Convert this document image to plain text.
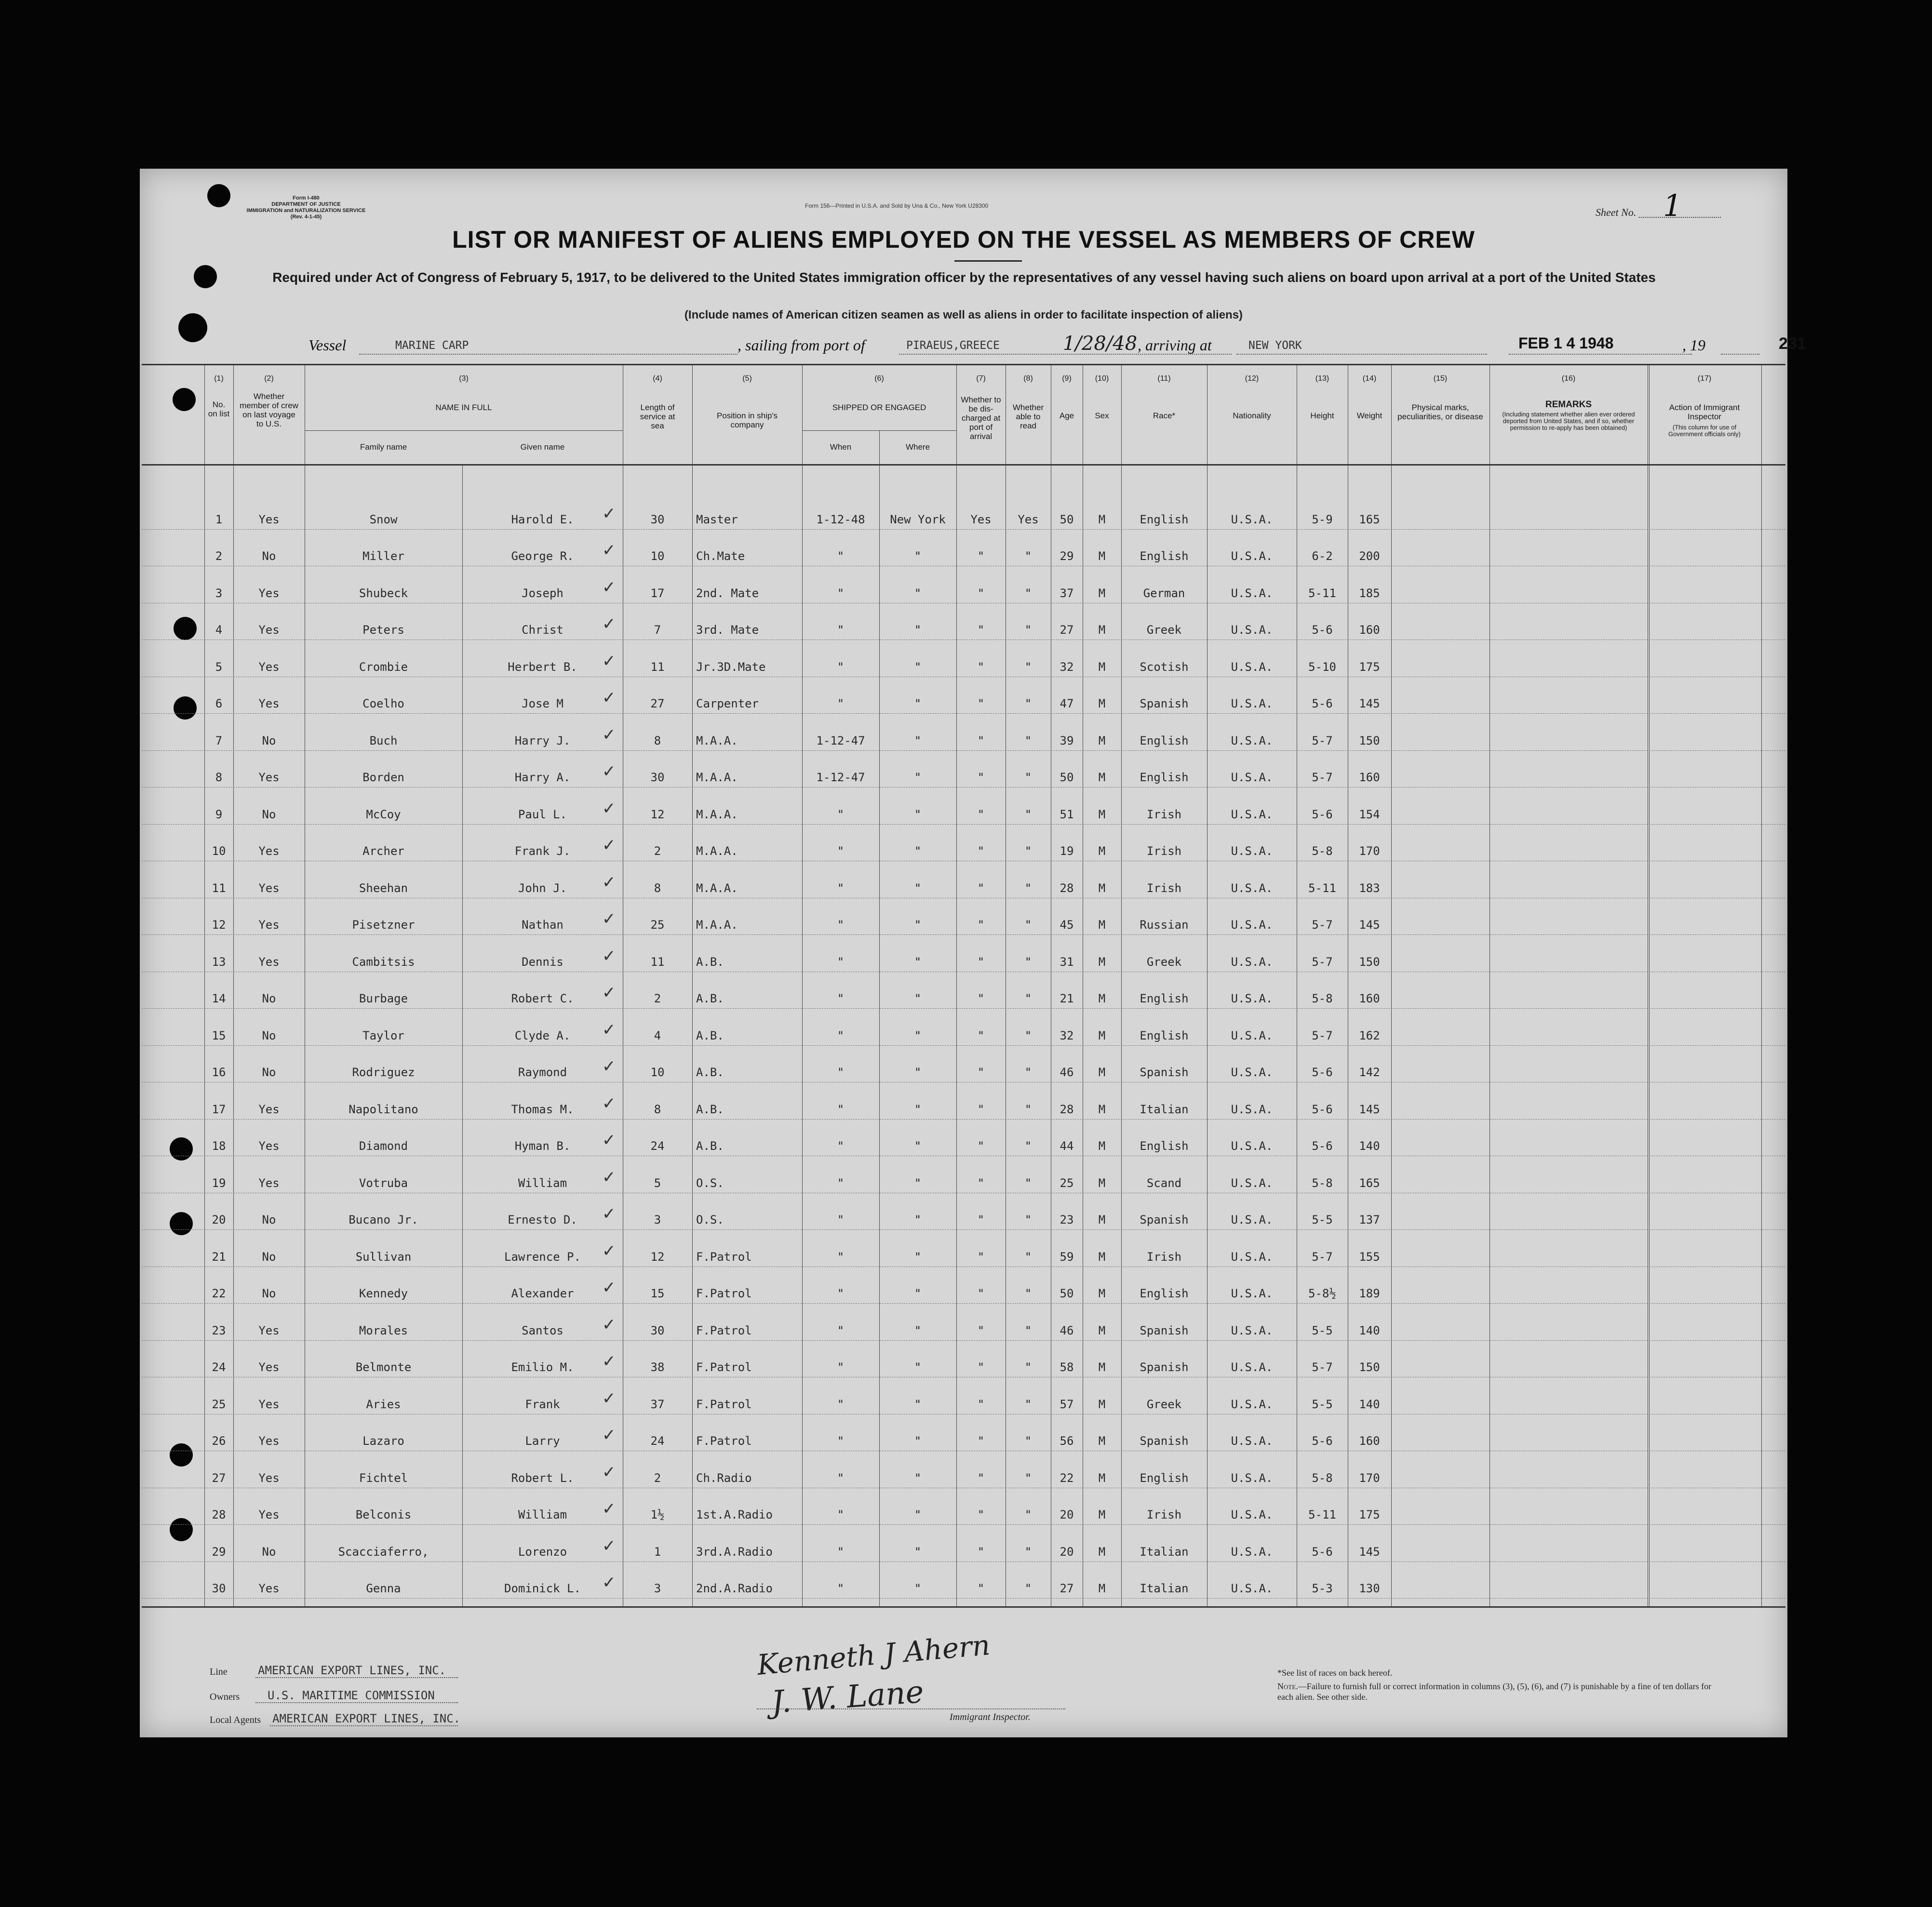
Form I-480
DEPARTMENT OF JUSTICE
IMMIGRATION and NATURALIZATION SERVICE
(Rev. 4-1-45)
Form 156—Printed in U.S.A. and Sold by Una & Co., New York U28300
Sheet No. 1
LIST OR MANIFEST OF ALIENS EMPLOYED ON THE VESSEL AS MEMBERS OF CREW
Required under Act of Congress of February 5, 1917, to be delivered to the United States immigration officer by the representatives of any vessel having such aliens on board upon arrival at a port of the United States
(Include names of American citizen seamen as well as aliens in order to facilitate inspection of aliens)
Vessel	MARINE CARP	, sailing from port of	PIRAEUS,GREECE	1/28/48 , arriving at	NEW YORK	FEB 1 4 1948	, 19	231
(1)
No. on list
(2)
Whether member of crew on last voyage to U.S.
(3)
NAME IN FULL
Family name	Given name
(4)
Length of service at sea
(5)
Position in ship's company
(6)
SHIPPED OR ENGAGED
When	Where
(7)
Whether to be dis-charged at port of arrival
(8)
Whether able to read
(9)
Age
(10)
Sex
(11)
Race*
(12)
Nationality
(13)
Height
(14)
Weight
(15)
Physical marks, peculiarities, or disease
(16)
REMARKS
(Including statement whether alien ever ordered deported from United States, and if so, whether permission to re-apply has been obtained)
(17)
Action of Immigrant Inspector
(This column for use of Government officials only)
1	Yes	Snow	Harold E.	30	Master	1-12-48	New York	Yes	Yes	50	M	English	U.S.A.	5-9	165
✓
2	No	Miller	George R.	10	Ch.Mate	"	"	"	"	29	M	English	U.S.A.	6-2	200
✓
3	Yes	Shubeck	Joseph	17	2nd. Mate	"	"	"	"	37	M	German	U.S.A.	5-11	185
✓
4	Yes	Peters	Christ	7	3rd. Mate	"	"	"	"	27	M	Greek	U.S.A.	5-6	160
✓
5	Yes	Crombie	Herbert B.	11	Jr.3D.Mate	"	"	"	"	32	M	Scotish	U.S.A.	5-10	175
✓
6	Yes	Coelho	Jose M	27	Carpenter	"	"	"	"	47	M	Spanish	U.S.A.	5-6	145
✓
7	No	Buch	Harry J.	8	M.A.A.	1-12-47	"	"	"	39	M	English	U.S.A.	5-7	150
✓
8	Yes	Borden	Harry A.	30	M.A.A.	1-12-47	"	"	"	50	M	English	U.S.A.	5-7	160
✓
9	No	McCoy	Paul L.	12	M.A.A.	"	"	"	"	51	M	Irish	U.S.A.	5-6	154
✓
10	Yes	Archer	Frank J.	2	M.A.A.	"	"	"	"	19	M	Irish	U.S.A.	5-8	170
✓
11	Yes	Sheehan	John J.	8	M.A.A.	"	"	"	"	28	M	Irish	U.S.A.	5-11	183
✓
12	Yes	Pisetzner	Nathan	25	M.A.A.	"	"	"	"	45	M	Russian	U.S.A.	5-7	145
✓
13	Yes	Cambitsis	Dennis	11	A.B.	"	"	"	"	31	M	Greek	U.S.A.	5-7	150
✓
14	No	Burbage	Robert C.	2	A.B.	"	"	"	"	21	M	English	U.S.A.	5-8	160
✓
15	No	Taylor	Clyde A.	4	A.B.	"	"	"	"	32	M	English	U.S.A.	5-7	162
✓
16	No	Rodriguez	Raymond	10	A.B.	"	"	"	"	46	M	Spanish	U.S.A.	5-6	142
✓
17	Yes	Napolitano	Thomas M.	8	A.B.	"	"	"	"	28	M	Italian	U.S.A.	5-6	145
✓
18	Yes	Diamond	Hyman B.	24	A.B.	"	"	"	"	44	M	English	U.S.A.	5-6	140
✓
19	Yes	Votruba	William	5	O.S.	"	"	"	"	25	M	Scand	U.S.A.	5-8	165
✓
20	No	Bucano Jr.	Ernesto D.	3	O.S.	"	"	"	"	23	M	Spanish	U.S.A.	5-5	137
✓
21	No	Sullivan	Lawrence P.	12	F.Patrol	"	"	"	"	59	M	Irish	U.S.A.	5-7	155
✓
22	No	Kennedy	Alexander	15	F.Patrol	"	"	"	"	50	M	English	U.S.A.	5-8½	189
✓
23	Yes	Morales	Santos	30	F.Patrol	"	"	"	"	46	M	Spanish	U.S.A.	5-5	140
✓
24	Yes	Belmonte	Emilio M.	38	F.Patrol	"	"	"	"	58	M	Spanish	U.S.A.	5-7	150
✓
25	Yes	Aries	Frank	37	F.Patrol	"	"	"	"	57	M	Greek	U.S.A.	5-5	140
✓
26	Yes	Lazaro	Larry	24	F.Patrol	"	"	"	"	56	M	Spanish	U.S.A.	5-6	160
✓
27	Yes	Fichtel	Robert L.	2	Ch.Radio	"	"	"	"	22	M	English	U.S.A.	5-8	170
✓
28	Yes	Belconis	William	1½	1st.A.Radio	"	"	"	"	20	M	Irish	U.S.A.	5-11	175
✓
29	No	Scacciaferro,	Lorenzo	1	3rd.A.Radio	"	"	"	"	20	M	Italian	U.S.A.	5-6	145
✓
30	Yes	Genna	Dominick L.	3	2nd.A.Radio	"	"	"	"	27	M	Italian	U.S.A.	5-3	130
✓
Line	AMERICAN EXPORT LINES, INC.
Owners U.S. MARITIME COMMISSION
Local Agents AMERICAN EXPORT LINES, INC.
Kenneth J Ahern
J. W. Lane	Immigrant Inspector.
*See list of races on back hereof.
Note.—Failure to furnish full or correct information in columns (3), (5), (6), and (7) is punishable by a fine of ten dollars for each alien. See other side.
